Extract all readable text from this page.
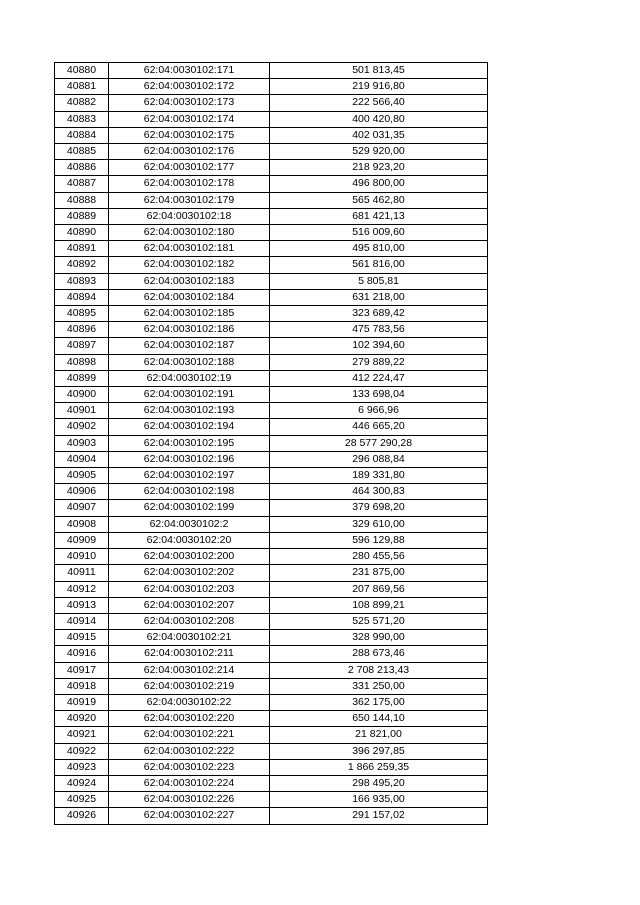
40880	62:04:0030102:171	501 813,45
40881	62:04:0030102:172	219 916,80
40882	62:04:0030102:173	222 566,40
40883	62:04:0030102:174	400 420,80
40884	62:04:0030102:175	402 031,35
40885	62:04:0030102:176	529 920,00
40886	62:04:0030102:177	218 923,20
40887	62:04:0030102:178	496 800,00
40888	62:04:0030102:179	565 462,80
40889	62:04:0030102:18	681 421,13
40890	62:04:0030102:180	516 009,60
40891	62:04:0030102:181	495 810,00
40892	62:04:0030102:182	561 816,00
40893	62:04:0030102:183	5 805,81
40894	62:04:0030102:184	631 218,00
40895	62:04:0030102:185	323 689,42
40896	62:04:0030102:186	475 783,56
40897	62:04:0030102:187	102 394,60
40898	62:04:0030102:188	279 889,22
40899	62:04:0030102:19	412 224,47
40900	62:04:0030102:191	133 698,04
40901	62:04:0030102:193	6 966,96
40902	62:04:0030102:194	446 665,20
40903	62:04:0030102:195	28 577 290,28
40904	62:04:0030102:196	296 088,84
40905	62:04:0030102:197	189 331,80
40906	62:04:0030102:198	464 300,83
40907	62:04:0030102:199	379 698,20
40908	62:04:0030102:2	329 610,00
40909	62:04:0030102:20	596 129,88
40910	62:04:0030102:200	280 455,56
40911	62:04:0030102:202	231 875,00
40912	62:04:0030102:203	207 869,56
40913	62:04:0030102:207	108 899,21
40914	62:04:0030102:208	525 571,20
40915	62:04:0030102:21	328 990,00
40916	62:04:0030102:211	288 673,46
40917	62:04:0030102:214	2 708 213,43
40918	62:04:0030102:219	331 250,00
40919	62:04:0030102:22	362 175,00
40920	62:04:0030102:220	650 144,10
40921	62:04:0030102:221	21 821,00
40922	62:04:0030102:222	396 297,85
40923	62:04:0030102:223	1 866 259,35
40924	62:04:0030102:224	298 495,20
40925	62:04:0030102:226	166 935,00
40926	62:04:0030102:227	291 157,02
